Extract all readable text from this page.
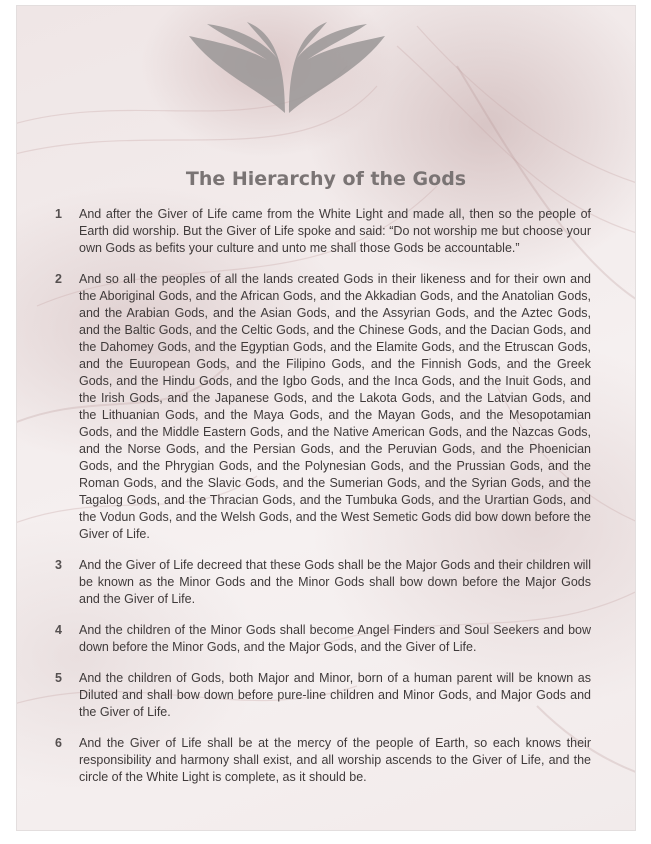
The Hierarchy of the Gods
1 And after the Giver of Life came from the White Light and made all, then so the people of Earth did worship. But the Giver of Life spoke and said: “Do not worship me but choose your own Gods as befits your culture and unto me shall those Gods be accountable.”
2 And so all the peoples of all the lands created Gods in their likeness and for their own and the Aboriginal Gods, and the African Gods, and the Akkadian Gods, and the Anatolian Gods, and the Arabian Gods, and the Asian Gods, and the Assyrian Gods, and the Aztec Gods, and the Baltic Gods, and the Celtic Gods, and the Chinese Gods, and the Dacian Gods, and the Dahomey Gods, and the Egyptian Gods, and the Elamite Gods, and the Etruscan Gods, and the Euuropean Gods, and the Filipino Gods, and the Finnish Gods, and the Greek Gods, and the Hindu Gods, and the Igbo Gods, and the Inca Gods, and the Inuit Gods, and the Irish Gods, and the Japanese Gods, and the Lakota Gods, and the Latvian Gods, and the Lithuanian Gods, and the Maya Gods, and the Mayan Gods, and the Mesopotamian Gods, and the Middle Eastern Gods, and the Native American Gods, and the Nazcas Gods, and the Norse Gods, and the Persian Gods, and the Peruvian Gods, and the Phoenician Gods, and the Phrygian Gods, and the Polynesian Gods, and the Prussian Gods, and the Roman Gods, and the Slavic Gods, and the Sumerian Gods, and the Syrian Gods, and the Tagalog Gods, and the Thracian Gods, and the Tumbuka Gods, and the Urartian Gods, and the Vodun Gods, and the Welsh Gods, and the West Semetic Gods did bow down before the Giver of Life.
3 And the Giver of Life decreed that these Gods shall be the Major Gods and their children will be known as the Minor Gods and the Minor Gods shall bow down before the Major Gods and the Giver of Life.
4 And the children of the Minor Gods shall become Angel Finders and Soul Seekers and bow down before the Minor Gods, and the Major Gods, and the Giver of Life.
5 And the children of Gods, both Major and Minor, born of a human parent will be known as Diluted and shall bow down before pure-line children and Minor Gods, and Major Gods and the Giver of Life.
6 And the Giver of Life shall be at the mercy of the people of Earth, so each knows their responsibility and harmony shall exist, and all worship ascends to the Giver of Life, and the circle of the White Light is complete, as it should be.
